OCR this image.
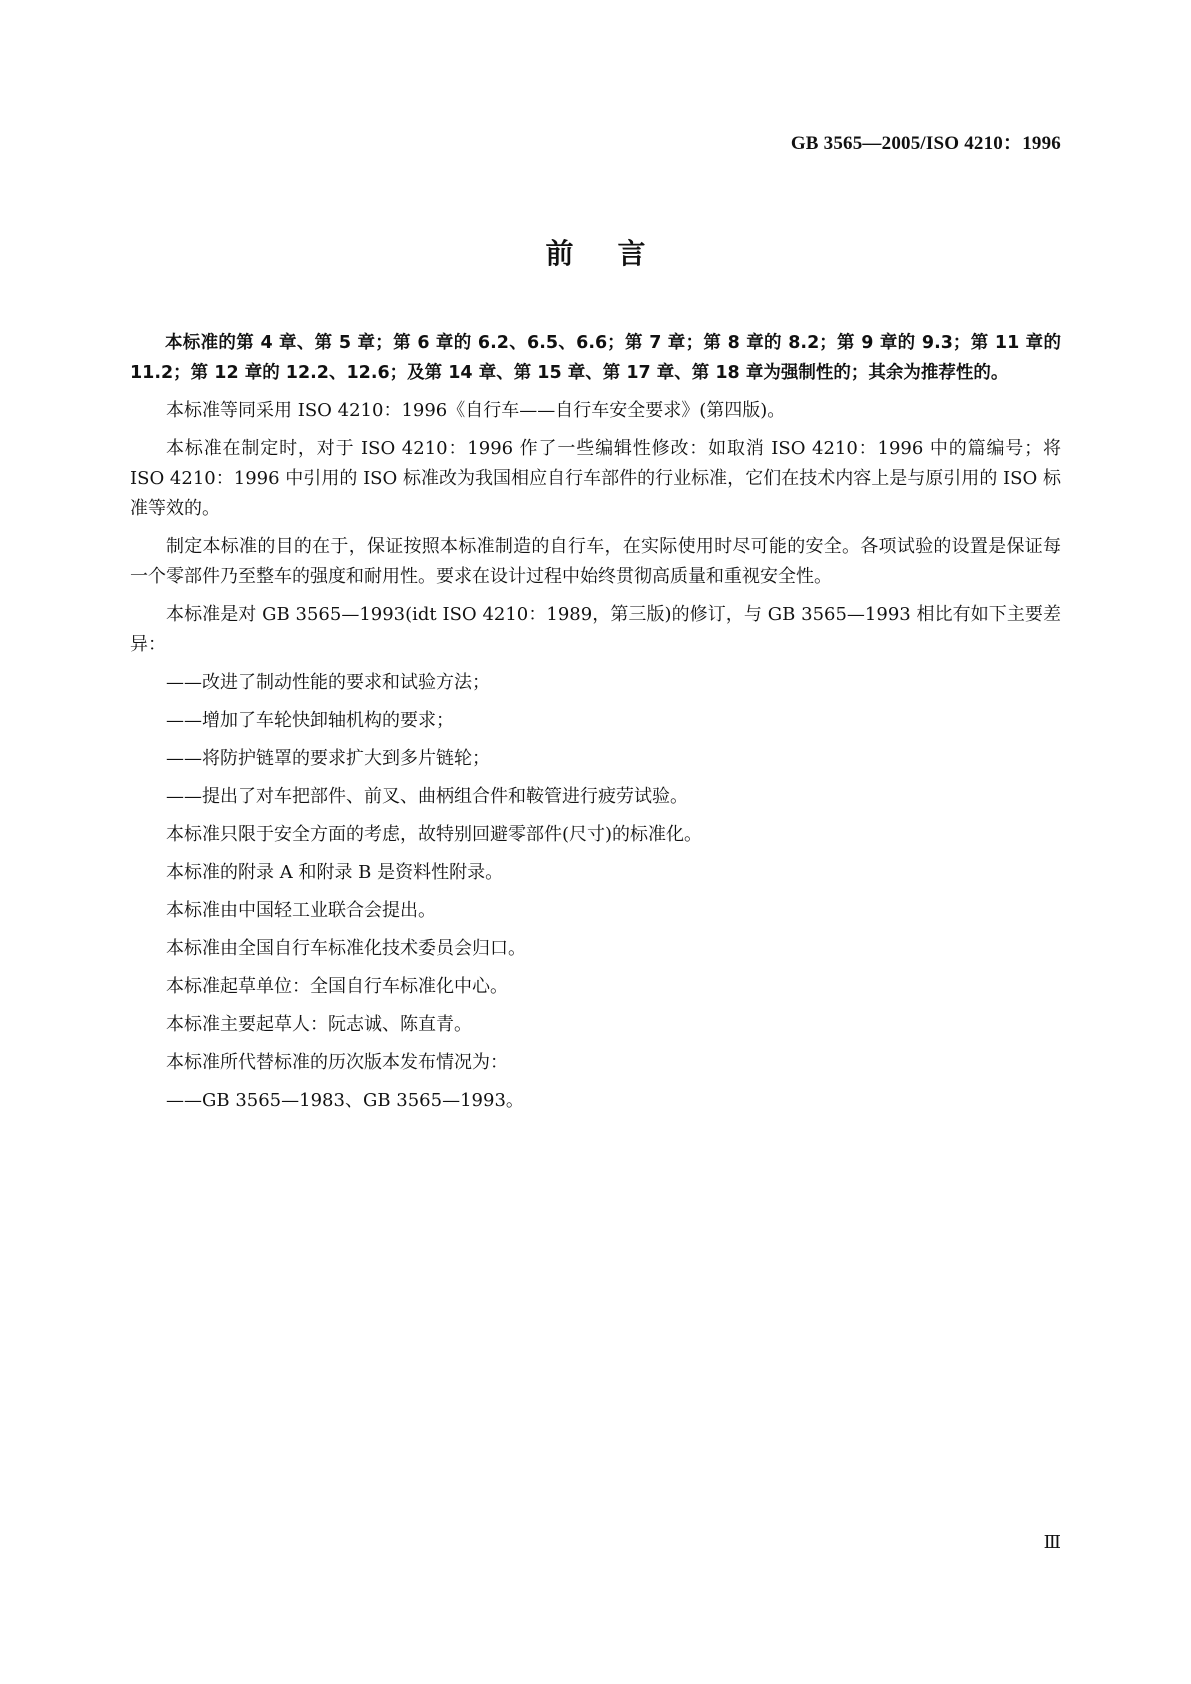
GB 3565—2005/ISO 4210：1996
前言

本标准的第 4 章、第 5 章；第 6 章的 6.2、6.5、6.6；第 7 章；第 8 章的 8.2；第 9 章的 9.3；第 11 章的 11.2；第 12 章的 12.2、12.6；及第 14 章、第 15 章、第 17 章、第 18 章为强制性的；其余为推荐性的。

本标准等同采用 ISO 4210：1996《自行车——自行车安全要求》(第四版)。

本标准在制定时，对于 ISO 4210：1996 作了一些编辑性修改：如取消 ISO 4210：1996 中的篇编号；将 ISO 4210：1996 中引用的 ISO 标准改为我国相应自行车部件的行业标准，它们在技术内容上是与原引用的 ISO 标准等效的。

制定本标准的目的在于，保证按照本标准制造的自行车，在实际使用时尽可能的安全。各项试验的设置是保证每一个零部件乃至整车的强度和耐用性。要求在设计过程中始终贯彻高质量和重视安全性。

本标准是对 GB 3565—1993(idt ISO 4210：1989，第三版)的修订，与 GB 3565—1993 相比有如下主要差异：

——改进了制动性能的要求和试验方法；

——增加了车轮快卸轴机构的要求；

——将防护链罩的要求扩大到多片链轮；

——提出了对车把部件、前叉、曲柄组合件和鞍管进行疲劳试验。

本标准只限于安全方面的考虑，故特别回避零部件(尺寸)的标准化。

本标准的附录 A 和附录 B 是资料性附录。

本标准由中国轻工业联合会提出。

本标准由全国自行车标准化技术委员会归口。

本标准起草单位：全国自行车标准化中心。

本标准主要起草人：阮志诚、陈直青。

本标准所代替标准的历次版本发布情况为：

——GB 3565—1983、GB 3565—1993。

Ⅲ
